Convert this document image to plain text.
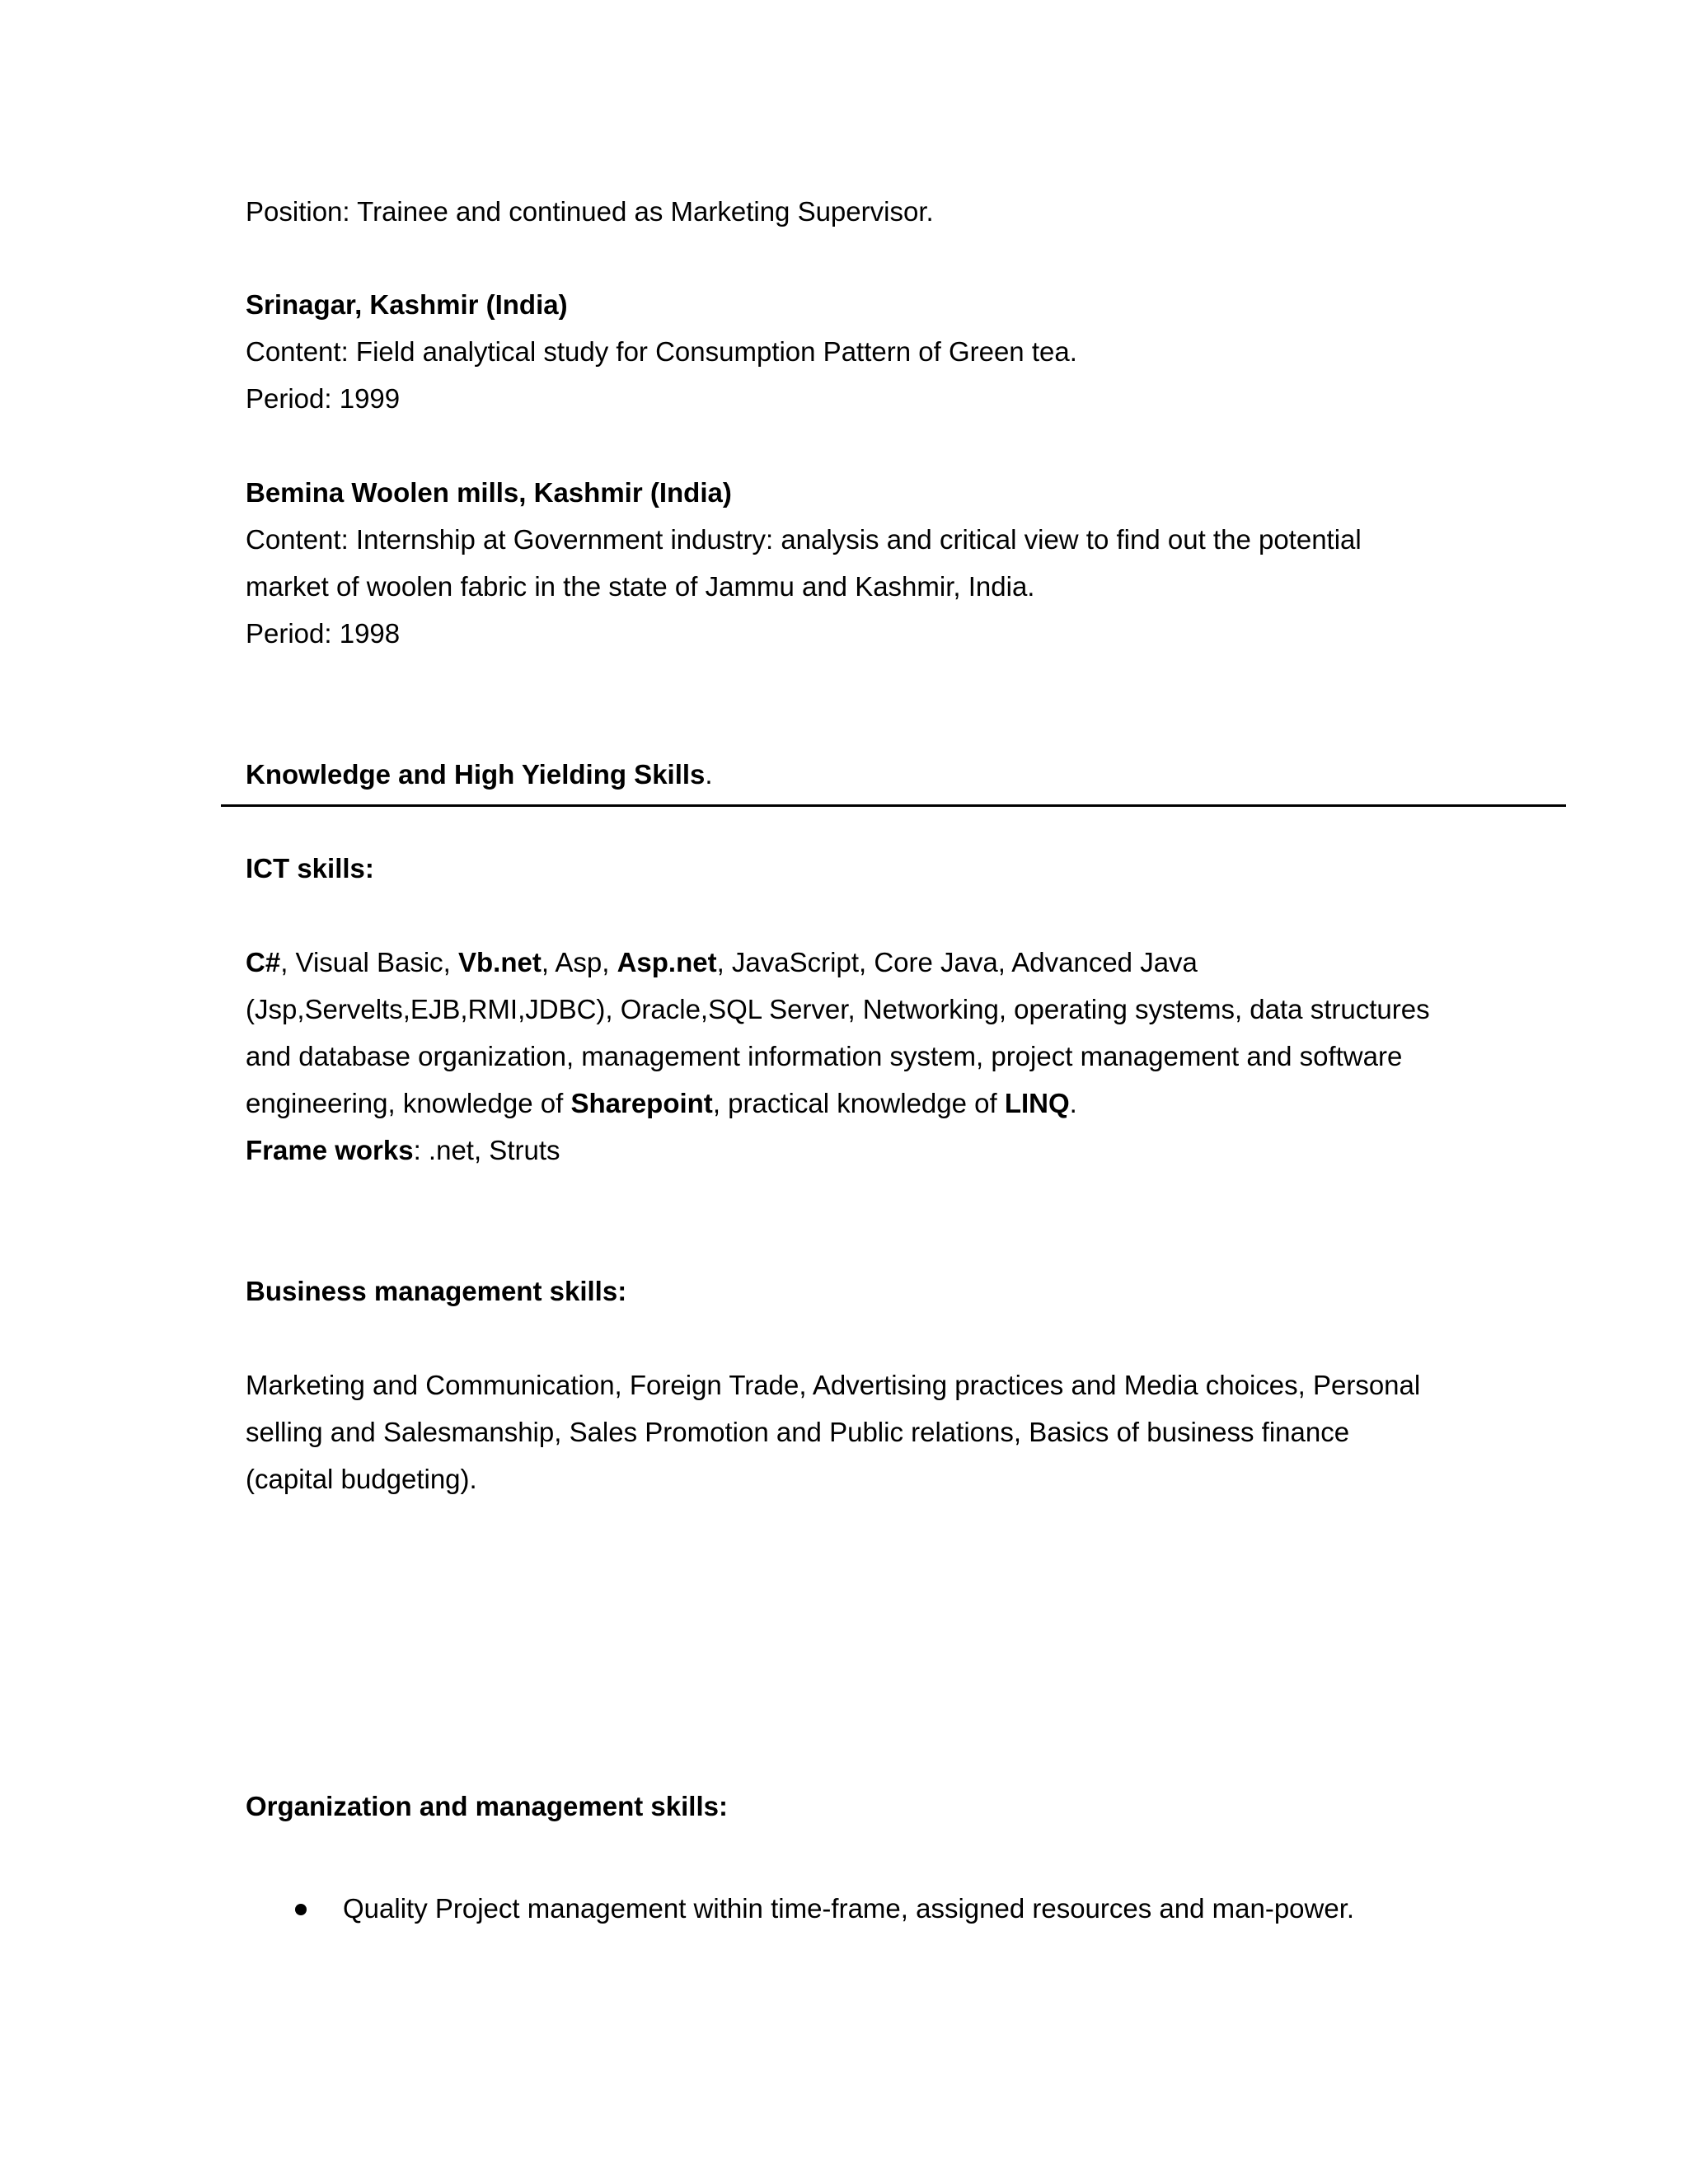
Position: Trainee and continued as Marketing Supervisor.
Srinagar, Kashmir (India)
Content: Field analytical study for Consumption Pattern of Green tea.
Period: 1999
Bemina Woolen mills, Kashmir (India)
Content: Internship at Government industry: analysis and critical view to find out the potential
market of woolen fabric in the state of Jammu and Kashmir, India.
Period: 1998
Knowledge and High Yielding Skills.
ICT skills:
C#, Visual Basic, Vb.net, Asp, Asp.net, JavaScript, Core Java, Advanced Java
(Jsp,Servelts,EJB,RMI,JDBC), Oracle,SQL Server, Networking, operating systems, data structures
and database organization, management information system, project management and software
engineering, knowledge of Sharepoint, practical knowledge of LINQ.
Frame works: .net, Struts
Business management skills:
Marketing and Communication, Foreign Trade, Advertising practices and Media choices, Personal
selling and Salesmanship, Sales Promotion and Public relations, Basics of business finance
(capital budgeting).
Organization and management skills:
Quality Project management within time-frame, assigned resources and man-power.
